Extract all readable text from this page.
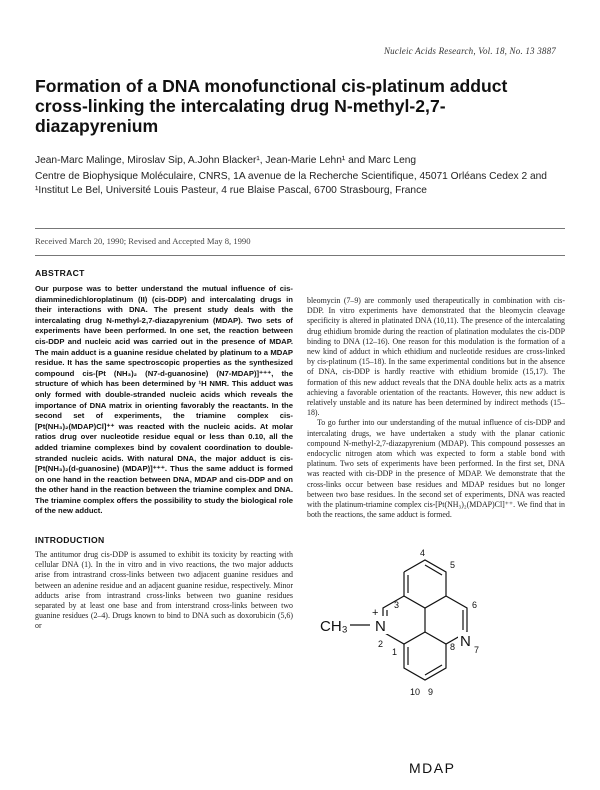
Nucleic Acids Research, Vol. 18, No. 13 3887
Formation of a DNA monofunctional cis-platinum adduct cross-linking the intercalating drug N-methyl-2,7-diazapyrenium
Jean-Marc Malinge, Miroslav Sip, A.John Blacker¹, Jean-Marie Lehn¹ and Marc Leng
Centre de Biophysique Moléculaire, CNRS, 1A avenue de la Recherche Scientifique, 45071 Orléans Cedex 2 and ¹Institut Le Bel, Université Louis Pasteur, 4 rue Blaise Pascal, 6700 Strasbourg, France
Received March 20, 1990; Revised and Accepted May 8, 1990
ABSTRACT

Our purpose was to better understand the mutual influence of cis-diamminedichloroplatinum (II) (cis-DDP) and intercalating drugs in their interactions with DNA. The present study deals with the intercalating drug N-methyl-2,7-diazapyrenium (MDAP). Two sets of experiments have been performed. In one set, the reaction between cis-DDP and nucleic acid was carried out in the presence of MDAP. The main adduct is a guanine residue chelated by platinum to a MDAP residue. It has the same spectroscopic properties as the synthesized compound cis-[Pt (NH₃)₂ (N7-d-guanosine) (N7-MDAP)]⁺⁺⁺, the structure of which has been determined by ¹H NMR. This adduct was only formed with double-stranded nucleic acids which reveals the importance of DNA matrix in orienting favorably the reactants. In the second set of experiments, the triamine complex cis-[Pt(NH₃)₂(MDAP)Cl]⁺⁺ was reacted with the nucleic acids. At molar ratios drug over nucleotide residue equal or less than 0.10, all the added triamine complexes bind by covalent coordination to double-stranded nucleic acids. With natural DNA, the major adduct is cis-[Pt(NH₃)₂(d-guanosine) (MDAP)]⁺⁺⁺. Thus the same adduct is formed on one hand in the reaction between DNA, MDAP and cis-DDP and on the other hand in the reaction between the triamine complex and DNA. The triamine complex offers the possibility to study the biological role of the new adduct.

INTRODUCTION

The antitumor drug cis-DDP is assumed to exhibit its toxicity by reacting with cellular DNA (1). In the in vitro and in vivo reactions, the two major adducts arise from intrastrand cross-links between two adjacent guanine residues and between an adenine residue and an adjacent guanine residue, respectively. Minor adducts arise from intrastrand cross-links between two guanine residues separated by at least one base and from interstrand cross-links between two guanine residues (2–4). Drugs known to bind to DNA such as doxorubicin (5,6) or

bleomycin (7–9) are commonly used therapeutically in combination with cis-DDP. In vitro experiments have demonstrated that the bleomycin cleavage specificity is altered in platinated DNA (10,11). The presence of the intercalating drug ethidium bromide during the reaction of platination modulates the cis-DDP binding to DNA (12–16). One reason for this modulation is the formation of a new kind of adduct in which ethidium and nucleotide residues are cross-linked by cis-platinum (15–18). In the same experimental conditions but in the absence of DNA, cis-DDP is hardly reactive with ethidium bromide (15,17). The formation of this new adduct reveals that the DNA double helix acts as a matrix achieving a favorable orientation of the reactants. However, this new adduct is relatively unstable and its nature has been determined by indirect methods (15–18).

To go further into our understanding of the mutual influence of cis-DDP and intercalating drugs, we have undertaken a study with the planar cationic compound N-methyl-2,7-diazapyrenium (MDAP). This compound possesses an endocyclic nitrogen atom which was expected to form a stable bond with platinum. Two sets of experiments have been performed. In the first set, DNA was reacted with cis-DDP in the presence of MDAP. We demonstrate that the cross-links occur between base residues and MDAP residues but no longer between two base residues. In the second set of experiments, DNA was reacted with the platinum-triamine complex cis-[Pt(NH₃)₂(MDAP)Cl]⁺⁺. We find that in both the reactions, the same adduct is formed.

CH₃ N
+
N
3
4
5
6
7
8
2
1
10 9
MDAP
